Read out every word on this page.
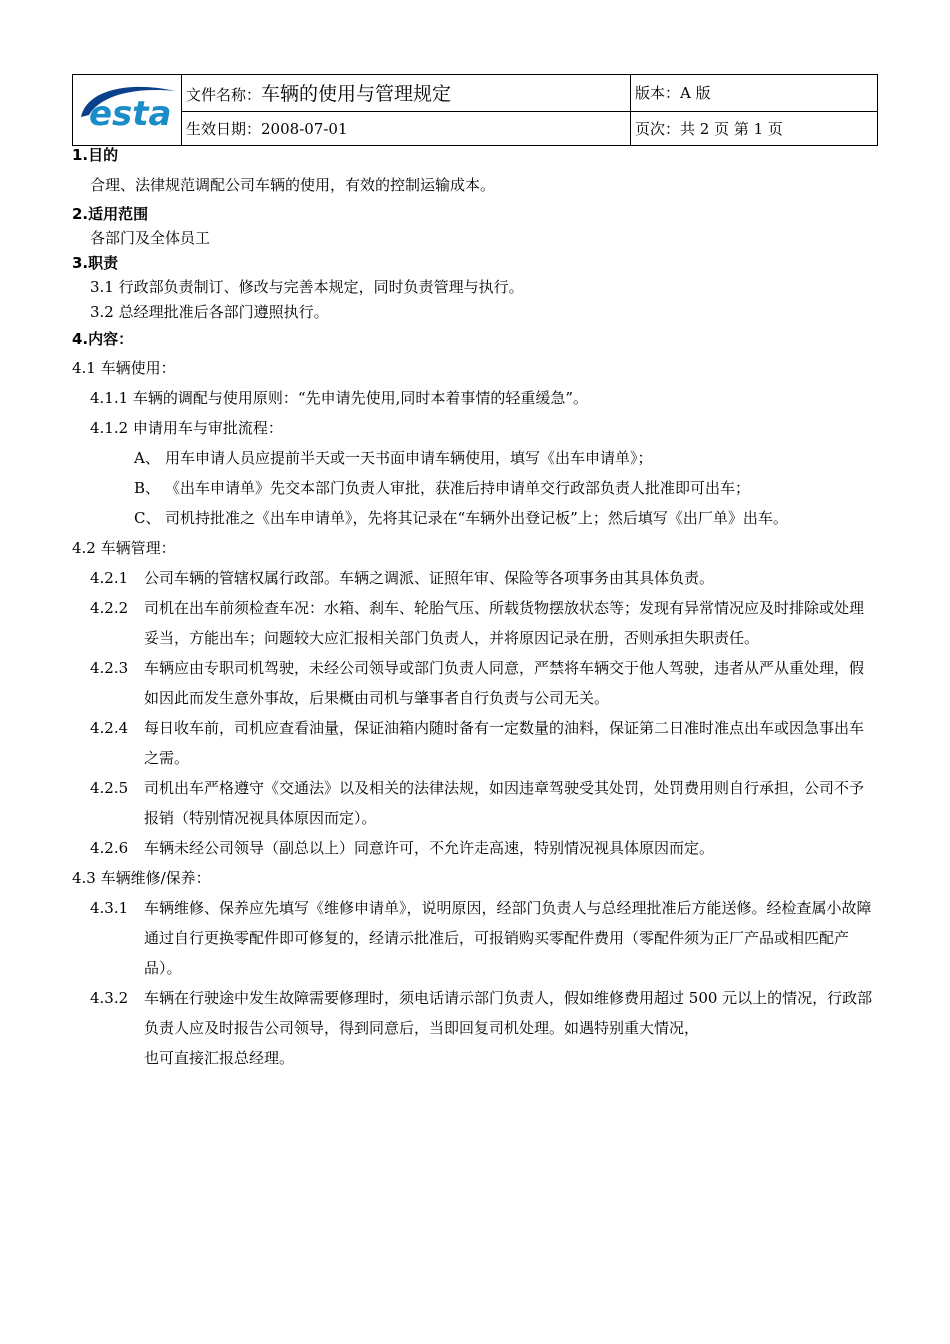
esta	文件名称：车辆的使用与管理规定	版本：A 版
	生效日期：2008-07-01	页次：共 2 页 第 1 页
1.目的
合理、法律规范调配公司车辆的使用，有效的控制运输成本。
2.适用范围
各部门及全体员工
3.职责
3.1 行政部负责制订、修改与完善本规定，同时负责管理与执行。
3.2 总经理批准后各部门遵照执行。
4.内容：
4.1 车辆使用：
4.1.1 车辆的调配与使用原则：“先申请先使用,同时本着事情的轻重缓急”。
4.1.2 申请用车与审批流程：
A、 用车申请人员应提前半天或一天书面申请车辆使用，填写《出车申请单》；
B、 《出车申请单》先交本部门负责人审批，获准后持申请单交行政部负责人批准即可出车；
C、 司机持批准之《出车申请单》，先将其记录在“车辆外出登记板”上；然后填写《出厂单》出车。
4.2 车辆管理：
4.2.1 公司车辆的管辖权属行政部。车辆之调派、证照年审、保险等各项事务由其具体负责。
4.2.2 司机在出车前须检查车况：水箱、刹车、轮胎气压、所载货物摆放状态等；发现有异常情况应及时排除或处理妥当，方能出车；问题较大应汇报相关部门负责人，并将原因记录在册，否则承担失职责任。
4.2.3 车辆应由专职司机驾驶，未经公司领导或部门负责人同意，严禁将车辆交于他人驾驶，违者从严从重处理，假如因此而发生意外事故，后果概由司机与肇事者自行负责与公司无关。
4.2.4 每日收车前，司机应查看油量，保证油箱内随时备有一定数量的油料，保证第二日准时准点出车或因急事出车之需。
4.2.5 司机出车严格遵守《交通法》以及相关的法律法规，如因违章驾驶受其处罚，处罚费用则自行承担，公司不予报销（特别情况视具体原因而定）。
4.2.6 车辆未经公司领导（副总以上）同意许可，不允许走高速，特别情况视具体原因而定。
4.3 车辆维修/保养：
4.3.1 车辆维修、保养应先填写《维修申请单》，说明原因，经部门负责人与总经理批准后方能送修。经检查属小故障通过自行更换零配件即可修复的，经请示批准后，可报销购买零配件费用（零配件须为正厂产品或相匹配产品）。
4.3.2 车辆在行驶途中发生故障需要修理时，须电话请示部门负责人，假如维修费用超过 500 元以上的情况，行政部负责人应及时报告公司领导，得到同意后，当即回复司机处理。如遇特别重大情况，
也可直接汇报总经理。
